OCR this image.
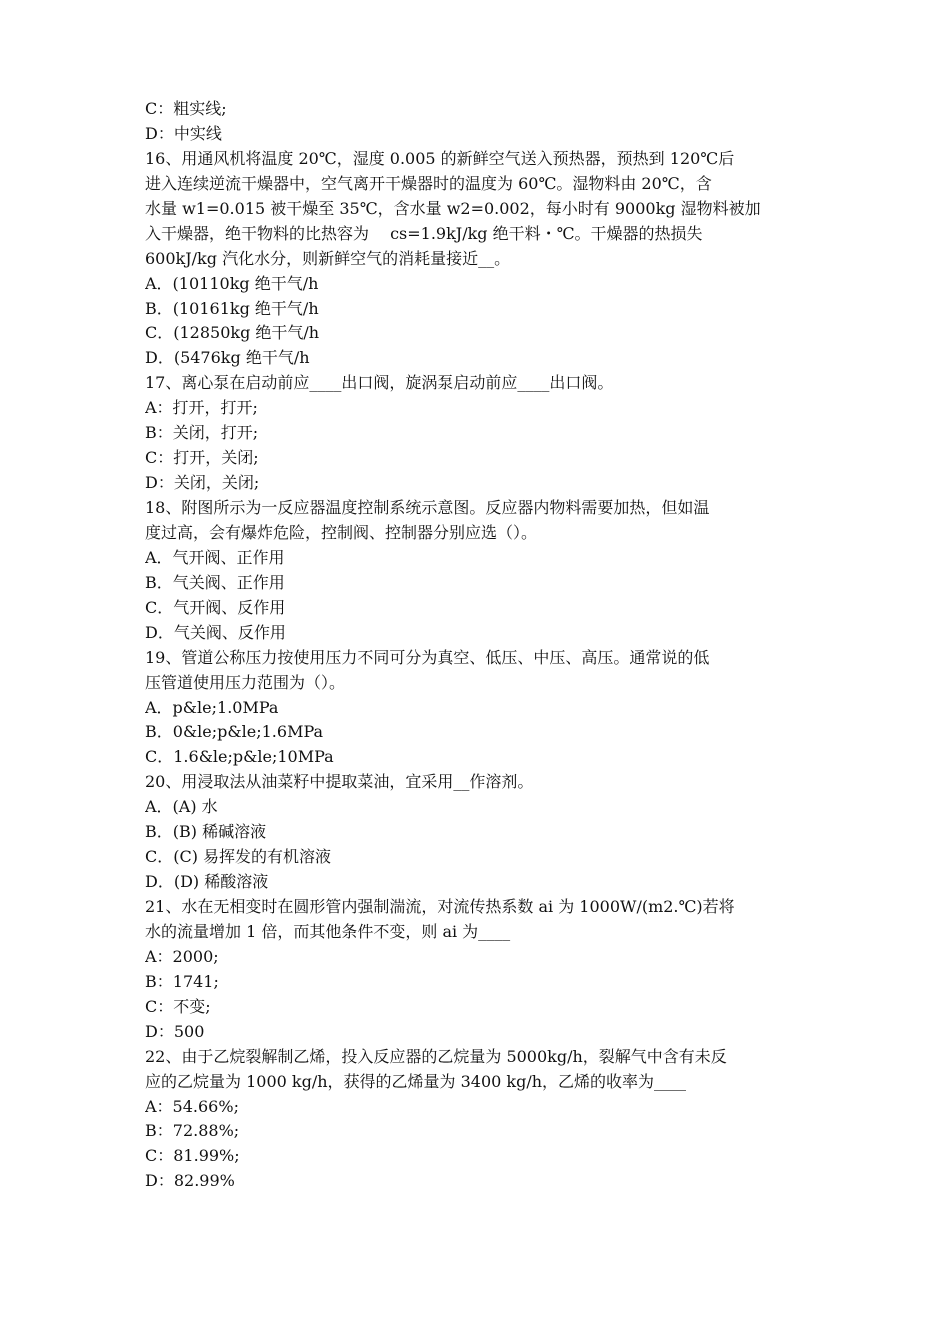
C：粗实线;
D：中实线
16、用通风机将温度 20℃，湿度 0.005 的新鲜空气送入预热器，预热到 120℃后
进入连续逆流干燥器中，空气离开干燥器时的温度为 60℃。湿物料由 20℃，含
水量 w1=0.015 被干燥至 35℃，含水量 w2=0.002，每小时有 9000kg 湿物料被加
入干燥器，绝干物料的比热容为　 cs=1.9kJ/kg 绝干料・℃。干燥器的热损失
600kJ/kg 汽化水分，则新鲜空气的消耗量接近__。
A．(10110kg 绝干气/h
B．(10161kg 绝干气/h
C．(12850kg 绝干气/h
D．(5476kg 绝干气/h
17、离心泵在启动前应____出口阀，旋涡泵启动前应____出口阀。
A：打开，打开;
B：关闭，打开;
C：打开，关闭;
D：关闭，关闭;
18、附图所示为一反应器温度控制系统示意图。反应器内物料需要加热，但如温
度过高，会有爆炸危险，控制阀、控制器分别应选（）。
A．气开阀、正作用
B．气关阀、正作用
C．气开阀、反作用
D．气关阀、反作用
19、管道公称压力按使用压力不同可分为真空、低压、中压、高压。通常说的低
压管道使用压力范围为（）。
A．p&le;1.0MPa
B．0&le;p&le;1.6MPa
C．1.6&le;p&le;10MPa
20、用浸取法从油菜籽中提取菜油，宜采用__作溶剂。
A．(A) 水
B．(B) 稀碱溶液
C．(C) 易挥发的有机溶液
D．(D) 稀酸溶液
21、水在无相变时在圆形管内强制湍流，对流传热系数 ai 为 1000W/(m2.℃)若将
水的流量增加 1 倍，而其他条件不变，则 ai 为____
A：2000;
B：1741;
C：不变;
D：500
22、由于乙烷裂解制乙烯，投入反应器的乙烷量为 5000kg/h，裂解气中含有未反
应的乙烷量为 1000 kg/h，获得的乙烯量为 3400 kg/h，乙烯的收率为____
A：54.66%;
B：72.88%;
C：81.99%;
D：82.99%
